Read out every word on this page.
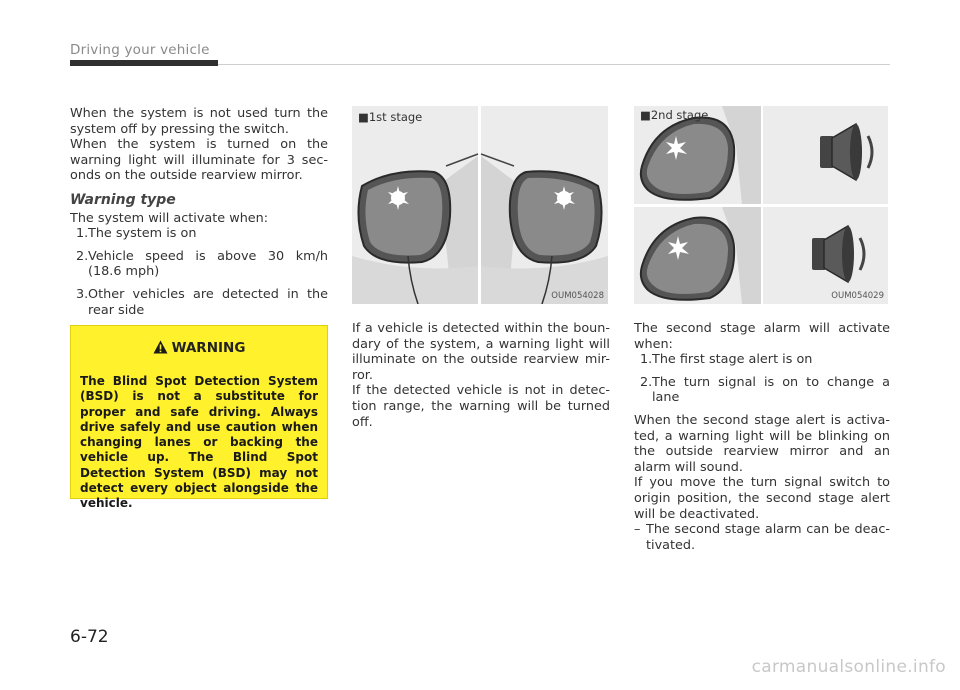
Driving your vehicle

When the system is not used turn the system off by pressing the switch.

When the system is turned on the warning light will illuminate for 3 sec-onds on the outside rearview mirror.

Warning type

The system will activate when:

1. The system is on
2. Vehicle speed is above 30 km/h (18.6 mph)
3. Other vehicles are detected in the rear side
WARNING
The Blind Spot Detection System (BSD) is not a substitute for proper and safe driving. Always drive safely and use caution when changing lanes or backing the vehicle up. The Blind Spot Detection System (BSD) may not detect every object alongside the vehicle.
■1st stage
OUM054028
■2nd stage
OUM054029

If a vehicle is detected within the boun-dary of the system, a warning light will illuminate on the outside rearview mir-ror.

If the detected vehicle is not in detec-tion range, the warning will be turned off.

The second stage alarm will activate when:

1. The first stage alert is on
2. The turn signal is on to change a lane

When the second stage alert is activa-ted, a warning light will be blinking on the outside rearview mirror and an alarm will sound.

If you move the turn signal switch to origin position, the second stage alert will be deactivated.

– The second stage alarm can be deac-tivated.
6-72
carmanualsonline.info
